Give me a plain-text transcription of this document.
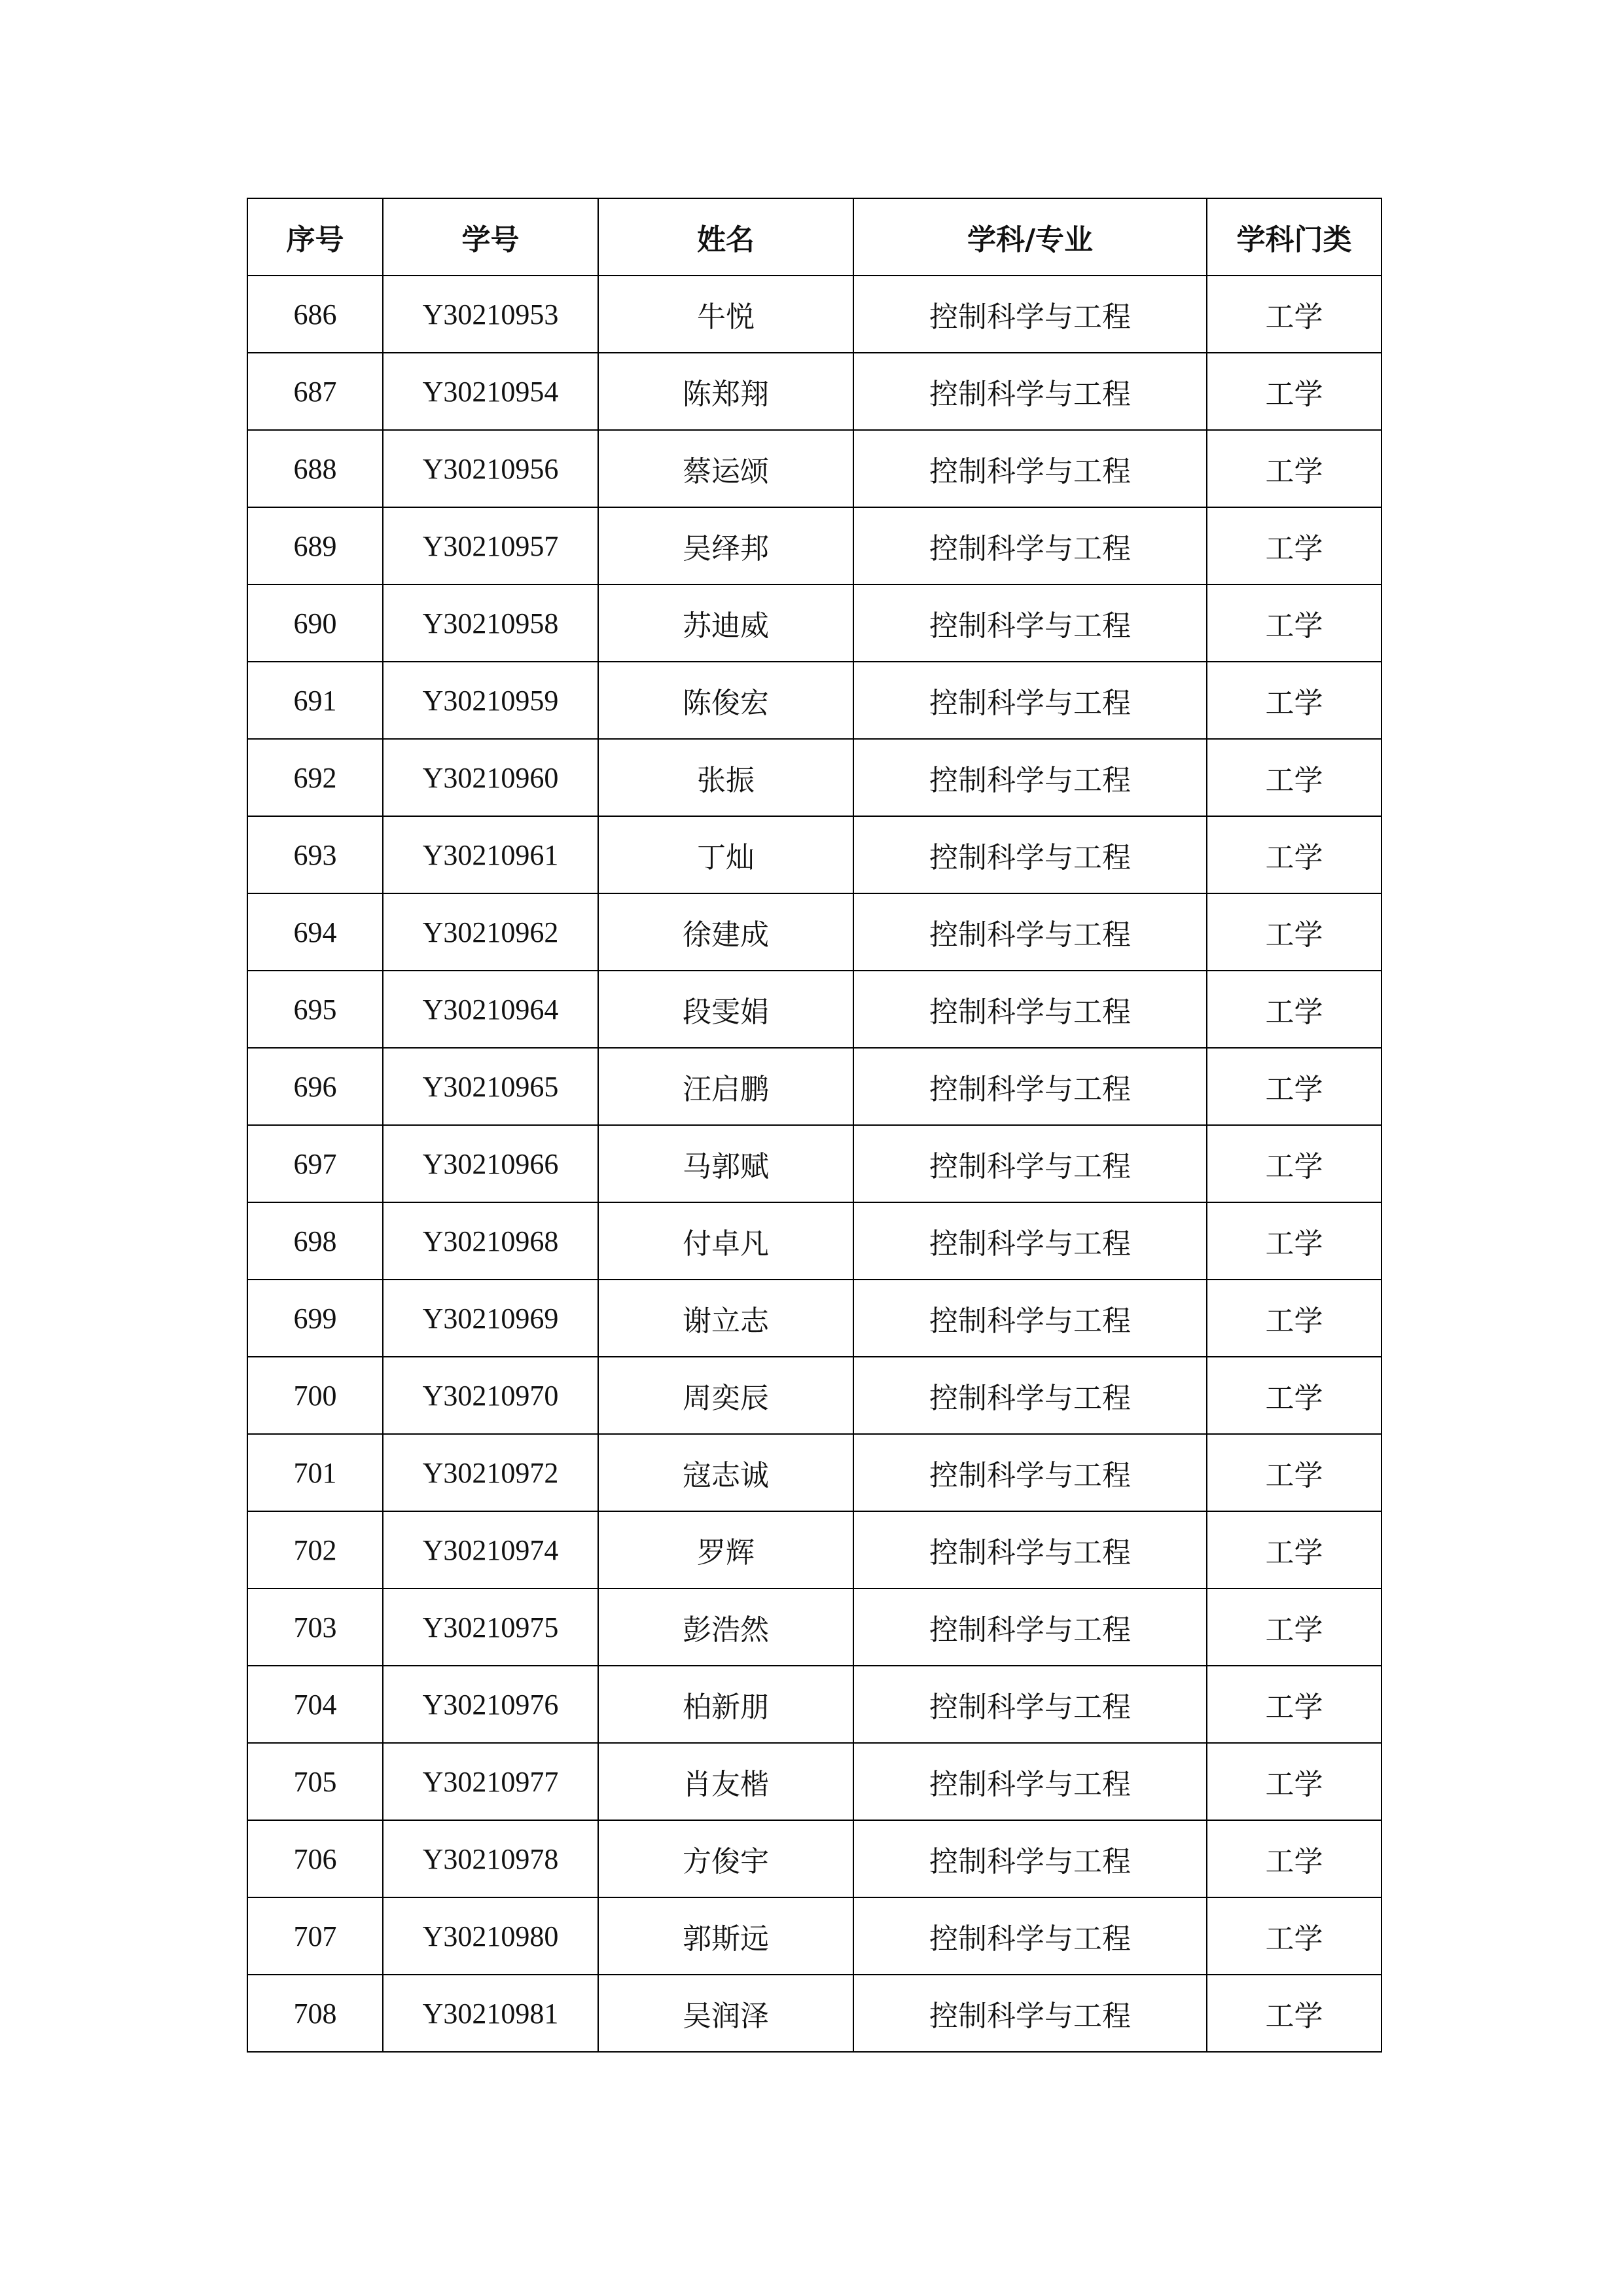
序号	学号	姓名	学科/专业	学科门类
686	Y30210953	牛悦	控制科学与工程	工学
687	Y30210954	陈郑翔	控制科学与工程	工学
688	Y30210956	蔡运颂	控制科学与工程	工学
689	Y30210957	吴绎邦	控制科学与工程	工学
690	Y30210958	苏迪威	控制科学与工程	工学
691	Y30210959	陈俊宏	控制科学与工程	工学
692	Y30210960	张振	控制科学与工程	工学
693	Y30210961	丁灿	控制科学与工程	工学
694	Y30210962	徐建成	控制科学与工程	工学
695	Y30210964	段雯娟	控制科学与工程	工学
696	Y30210965	汪启鹏	控制科学与工程	工学
697	Y30210966	马郭赋	控制科学与工程	工学
698	Y30210968	付卓凡	控制科学与工程	工学
699	Y30210969	谢立志	控制科学与工程	工学
700	Y30210970	周奕辰	控制科学与工程	工学
701	Y30210972	寇志诚	控制科学与工程	工学
702	Y30210974	罗辉	控制科学与工程	工学
703	Y30210975	彭浩然	控制科学与工程	工学
704	Y30210976	柏新朋	控制科学与工程	工学
705	Y30210977	肖友楷	控制科学与工程	工学
706	Y30210978	方俊宇	控制科学与工程	工学
707	Y30210980	郭斯远	控制科学与工程	工学
708	Y30210981	吴润泽	控制科学与工程	工学
